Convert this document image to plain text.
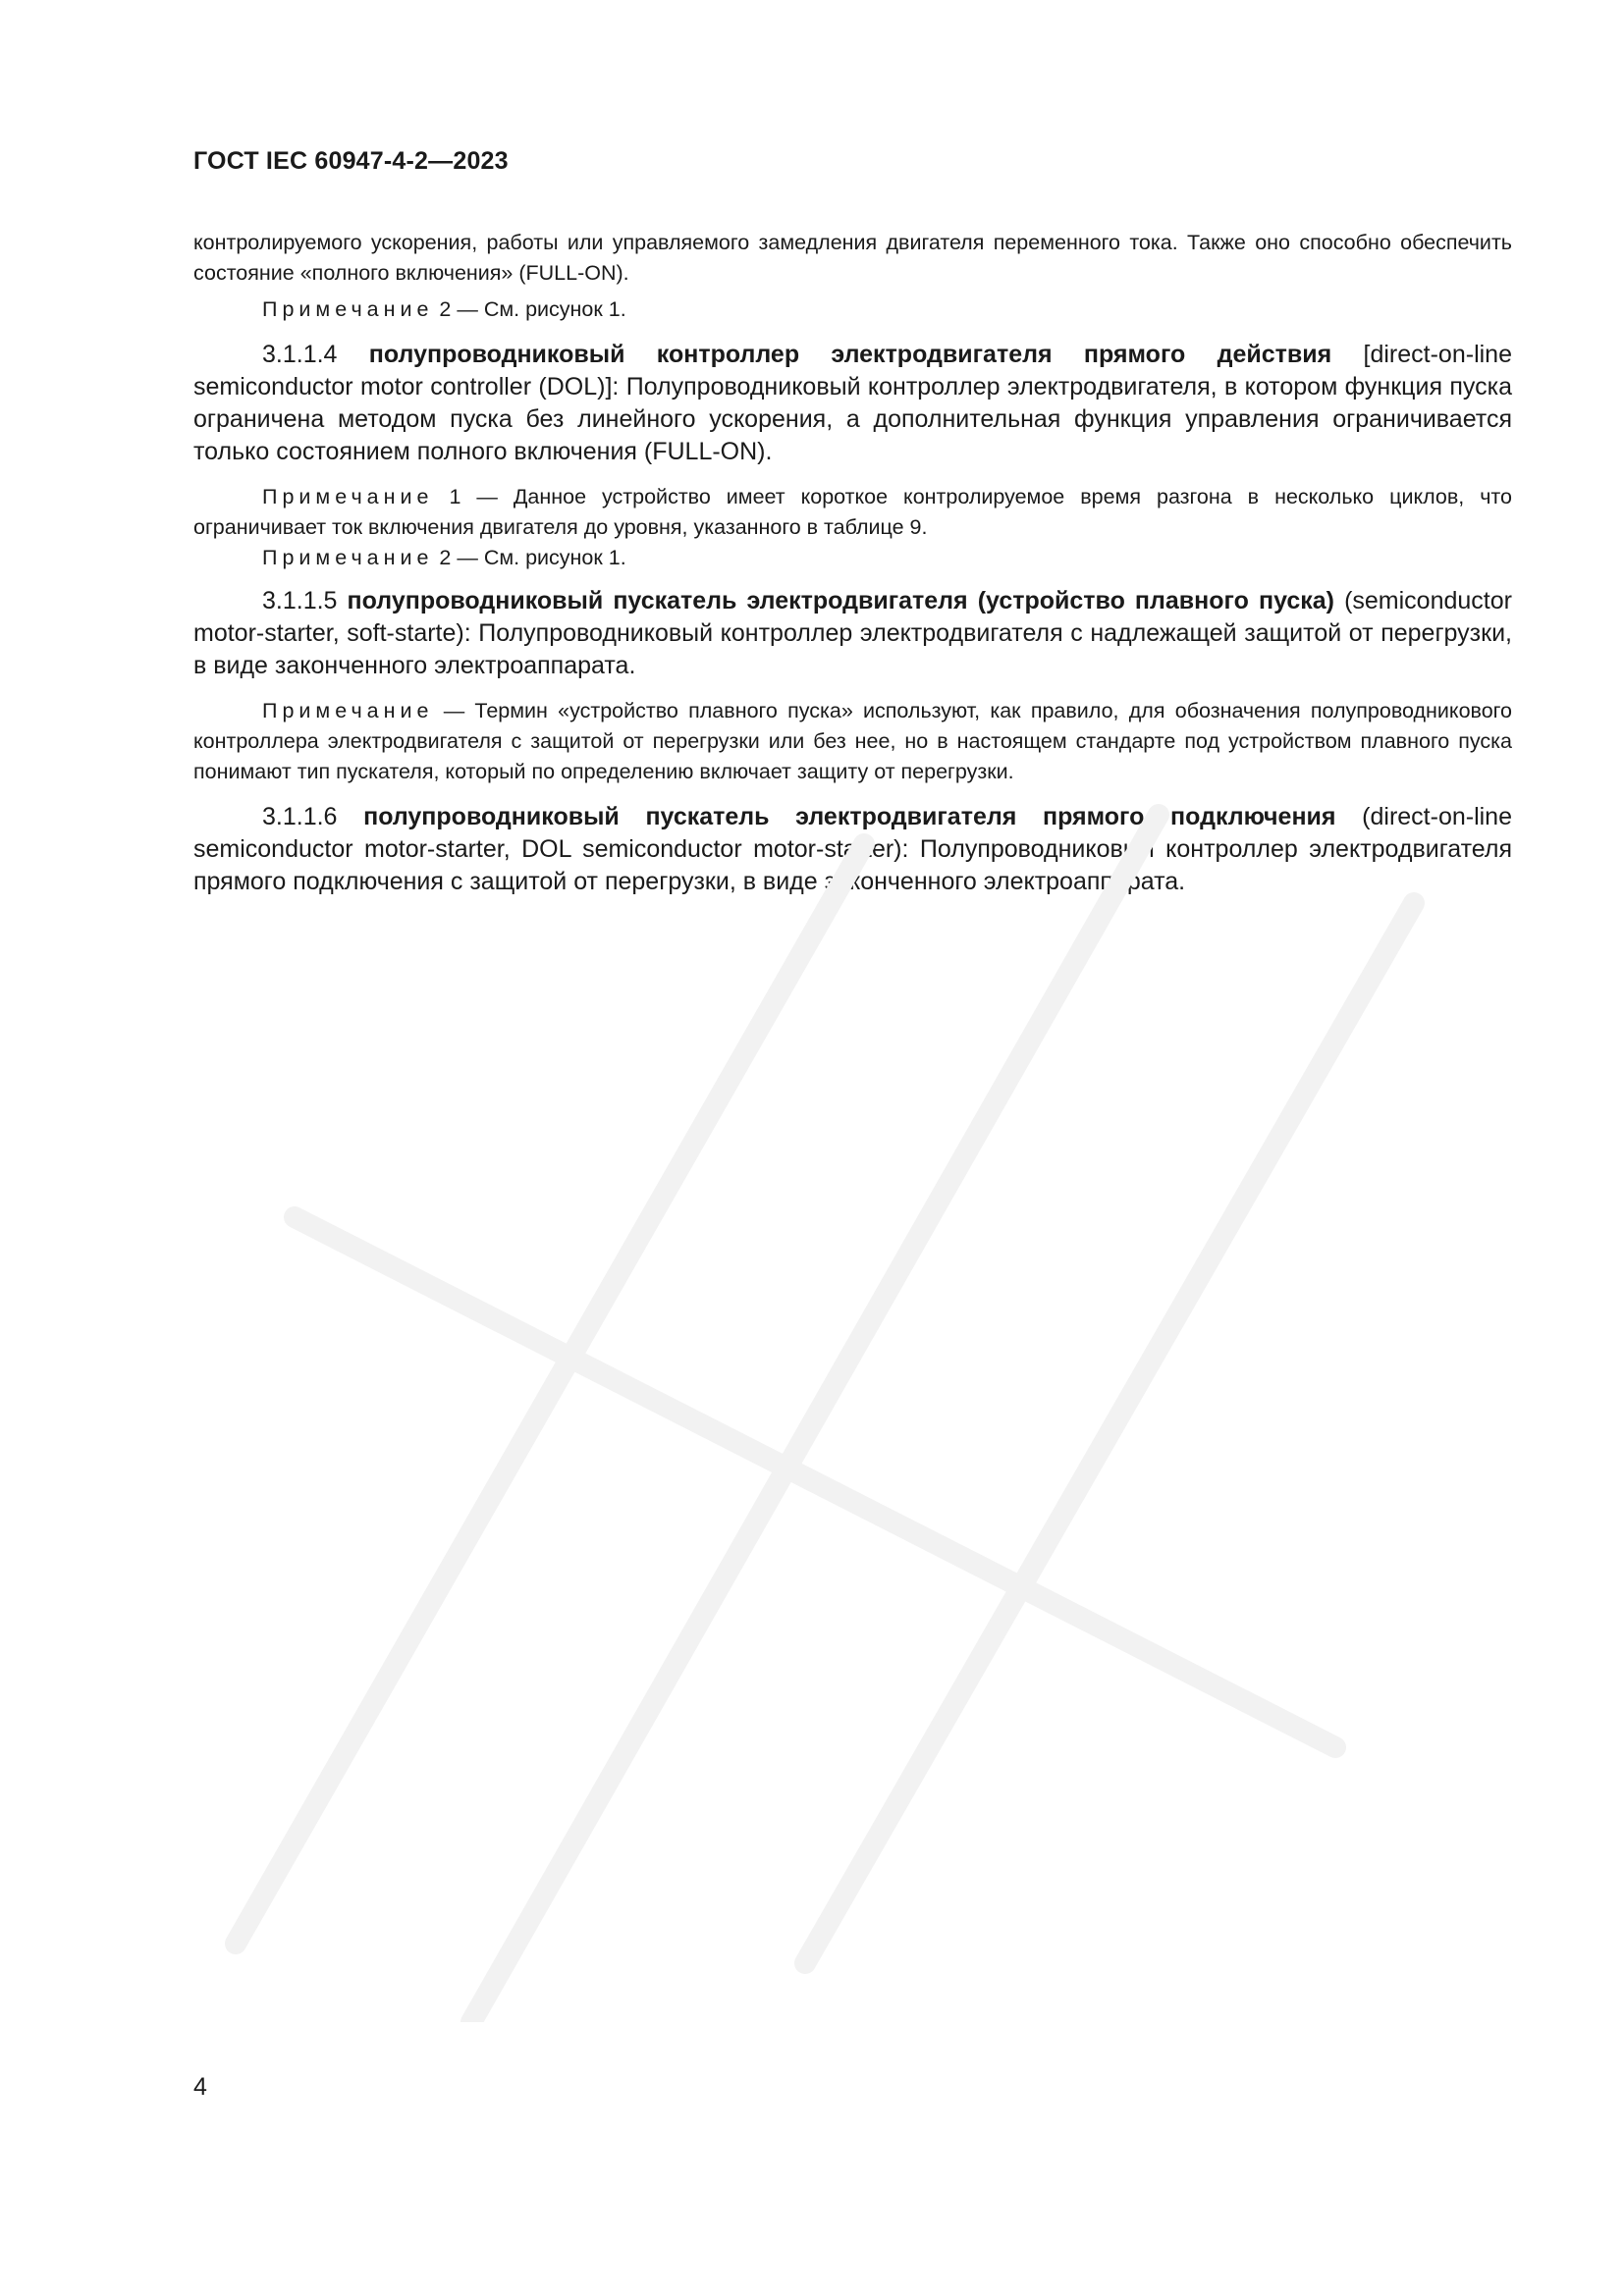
ГОСТ IEC 60947-4-2—2023

контролируемого ускорения, работы или управляемого замедления двигателя переменного тока. Также оно способно обеспечить состояние «полного включения» (FULL-ON).

Примечание 2 — См. рисунок 1.

3.1.1.4 полупроводниковый контроллер электродвигателя прямого действия [direct-on-line semiconductor motor controller (DOL)]: Полупроводниковый контроллер электродвигателя, в котором функция пуска ограничена методом пуска без линейного ускорения, а дополнительная функция управления ограничивается только состоянием полного включения (FULL-ON).

Примечание 1 — Данное устройство имеет короткое контролируемое время разгона в несколько циклов, что ограничивает ток включения двигателя до уровня, указанного в таблице 9.

Примечание 2 — См. рисунок 1.

3.1.1.5 полупроводниковый пускатель электродвигателя (устройство плавного пуска) (semiconductor motor-starter, soft-starte): Полупроводниковый контроллер электродвигателя с надлежащей защитой от перегрузки, в виде законченного электроаппарата.

Примечание — Термин «устройство плавного пуска» используют, как правило, для обозначения полупроводникового контроллера электродвигателя с защитой от перегрузки или без нее, но в настоящем стандарте под устройством плавного пуска понимают тип пускателя, который по определению включает защиту от перегрузки.

3.1.1.6 полупроводниковый пускатель электродвигателя прямого подключения (direct-on-line semiconductor motor-starter, DOL semiconductor motor-starter): Полупроводниковый контроллер электродвигателя прямого подключения с защитой от перегрузки, в виде законченного электроаппарата.

4
